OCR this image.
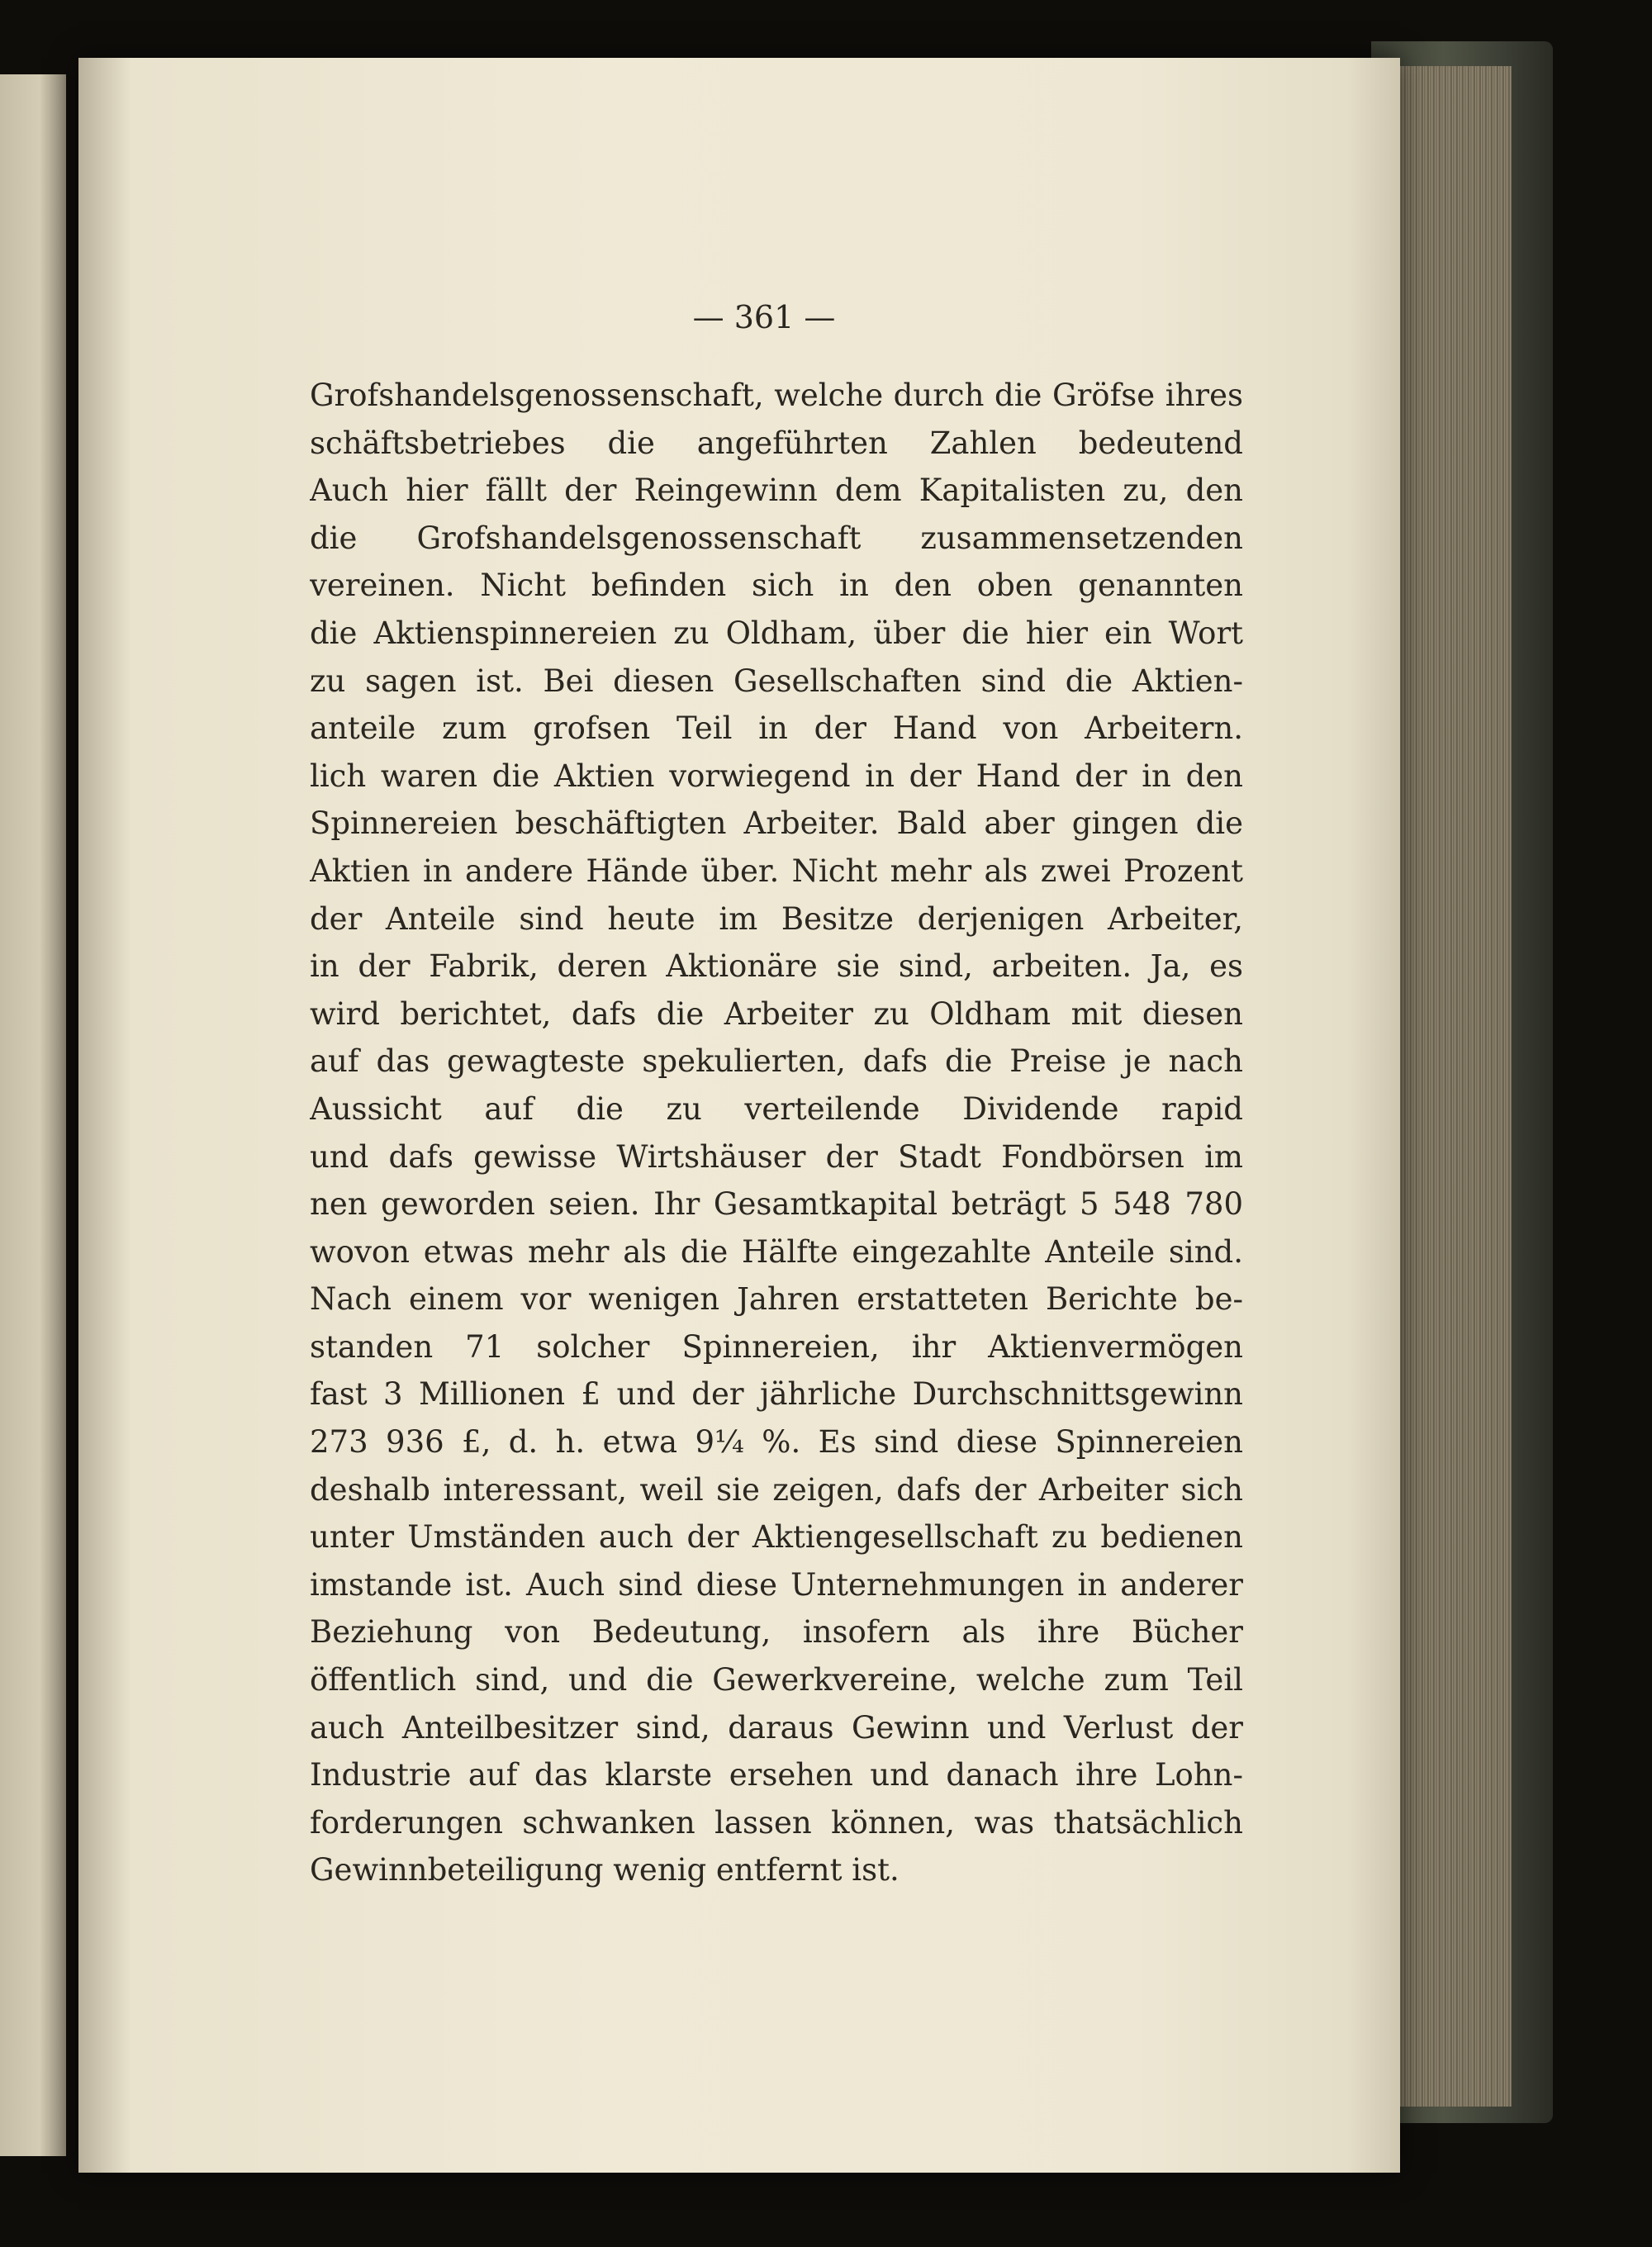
— 361 —
Grofshandelsgenossenschaft, welche durch die Gröfse ihres
schäftsbetriebes die angeführten Zahlen bedeutend
Auch hier fällt der Reingewinn dem Kapitalisten zu, den
die Grofshandelsgenossenschaft zusammensetzenden
vereinen. Nicht befinden sich in den oben genannten
die Aktienspinnereien zu Oldham, über die hier ein Wort
zu sagen ist. Bei diesen Gesellschaften sind die Aktien-
anteile zum grofsen Teil in der Hand von Arbeitern.
lich waren die Aktien vorwiegend in der Hand der in den
Spinnereien beschäftigten Arbeiter. Bald aber gingen die
Aktien in andere Hände über. Nicht mehr als zwei Prozent
der Anteile sind heute im Besitze derjenigen Arbeiter,
in der Fabrik, deren Aktionäre sie sind, arbeiten. Ja, es
wird berichtet, dafs die Arbeiter zu Oldham mit diesen
auf das gewagteste spekulierten, dafs die Preise je nach
Aussicht auf die zu verteilende Dividende rapid
und dafs gewisse Wirtshäuser der Stadt Fondbörsen im
nen geworden seien. Ihr Gesamtkapital beträgt 5 548 780
wovon etwas mehr als die Hälfte eingezahlte Anteile sind.
Nach einem vor wenigen Jahren erstatteten Berichte be-
standen 71 solcher Spinnereien, ihr Aktienvermögen
fast 3 Millionen £ und der jährliche Durchschnittsgewinn
273 936 £, d. h. etwa 9¼ %. Es sind diese Spinnereien
deshalb interessant, weil sie zeigen, dafs der Arbeiter sich
unter Umständen auch der Aktiengesellschaft zu bedienen
imstande ist. Auch sind diese Unternehmungen in anderer
Beziehung von Bedeutung, insofern als ihre Bücher
öffentlich sind, und die Gewerkvereine, welche zum Teil
auch Anteilbesitzer sind, daraus Gewinn und Verlust der
Industrie auf das klarste ersehen und danach ihre Lohn-
forderungen schwanken lassen können, was thatsächlich
Gewinnbeteiligung wenig entfernt ist.
